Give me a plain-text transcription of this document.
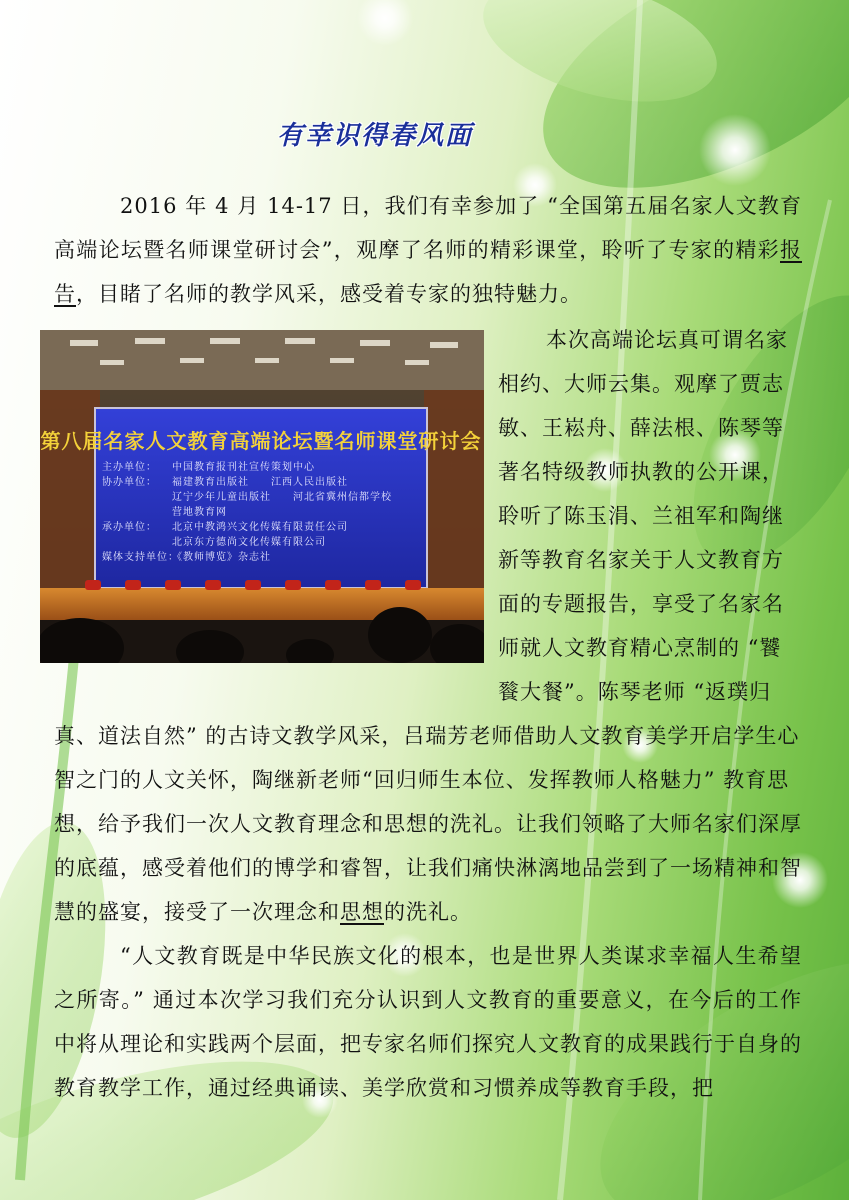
有幸识得春风面

2016 年 4 月 14-17 日，我们有幸参加了 “全国第五届名家人文教育高端论坛暨名师课堂研讨会”，观摩了名师的精彩课堂，聆听了专家的精彩报告，目睹了名师的教学风采，感受着专家的独特魅力。

第八届名家人文教育高端论坛暨名师课堂研讨会
主办单位： 中国教育报刊社宣传策划中心
协办单位： 福建教育出版社　　江西人民出版社
辽宁少年儿童出版社　　河北省冀州信都学校
营地教育网
承办单位： 北京中教鸿兴文化传媒有限责任公司
北京东方德尚文化传媒有限公司
媒体支持单位：
《教师博览》杂志社
本次高端论坛真可谓名家相约、大师云集。观摩了贾志敏、王崧舟、薛法根、陈琴等著名特级教师执教的公开课，聆听了陈玉涓、兰祖军和陶继新等教育名家关于人文教育方面的专题报告，享受了名家名师就人文教育精心烹制的 “饕餮大餐”。陈琴老师 “返璞归真、道法自然” 的古诗文教学风采，吕瑞芳老师借助人文教育美学开启学生心智之门的人文关怀，陶继新老师“回归师生本位、发挥教师人格魅力” 教育思想，给予我们一次人文教育理念和思想的洗礼。让我们领略了大师名家们深厚的底蕴，感受着他们的博学和睿智，让我们痛快淋漓地品尝到了一场精神和智慧的盛宴，接受了一次理念和思想的洗礼。

“人文教育既是中华民族文化的根本，也是世界人类谋求幸福人生希望之所寄。” 通过本次学习我们充分认识到人文教育的重要意义，在今后的工作中将从理论和实践两个层面，把专家名师们探究人文教育的成果践行于自身的教育教学工作，通过经典诵读、美学欣赏和习惯养成等教育手段，把
